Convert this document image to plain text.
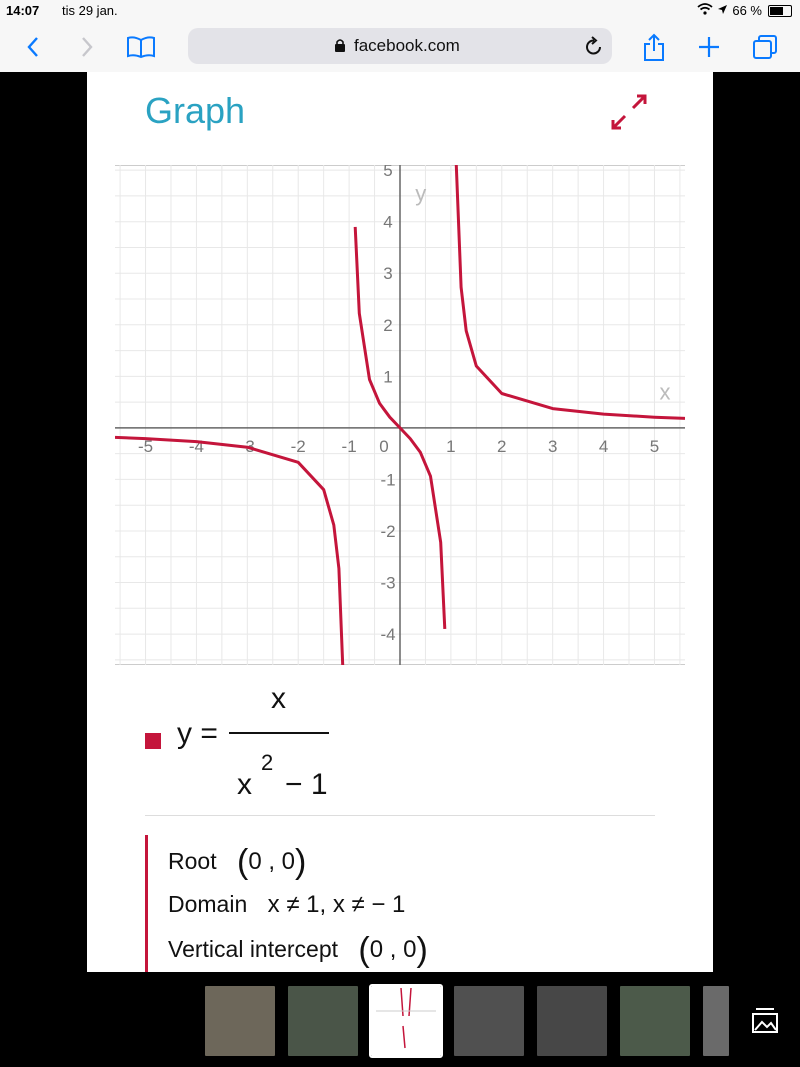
14:07 tis 29 jan.	66 %
facebook.com
Graph
-5 -4 -3 -2 -1	1 2 3 4 5
5
4
3
2
1
-1
-2
-3
-4
0
x
y
y =
x
x
2
− 1
Root (0 , 0)
Domain x ≠ 1, x ≠ − 1
Vertical intercept (0 , 0)
